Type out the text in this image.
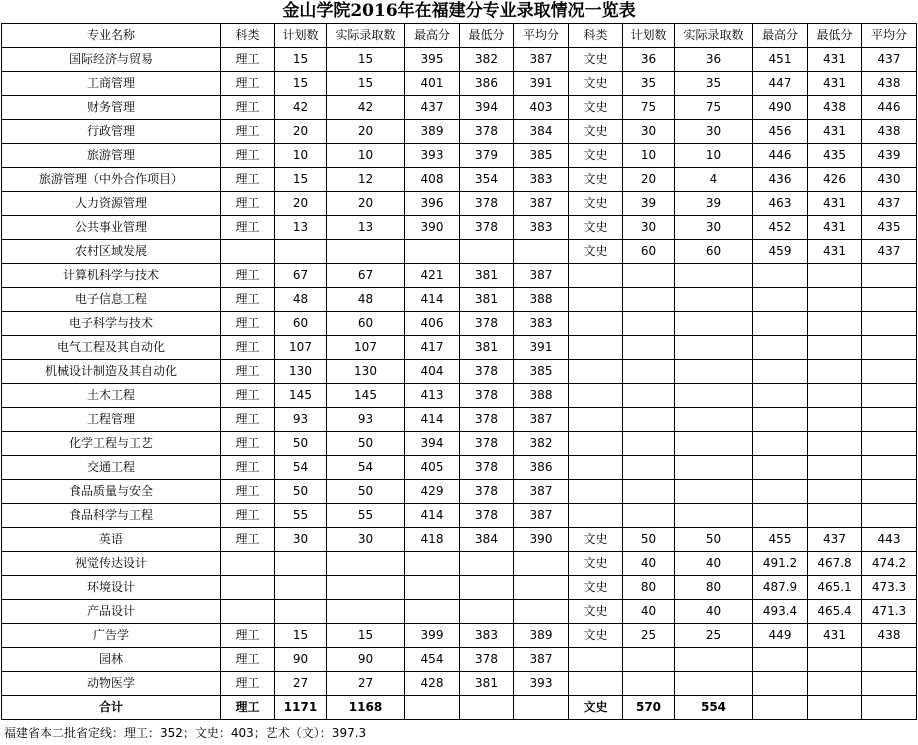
金山学院2016年在福建分专业录取情况一览表
专业名称	科类	计划数	实际录取数	最高分	最低分	平均分	科类	计划数	实际录取数	最高分	最低分	平均分
国际经济与贸易	理工	15	15	395	382	387	文史	36	36	451	431	437
工商管理	理工	15	15	401	386	391	文史	35	35	447	431	438
财务管理	理工	42	42	437	394	403	文史	75	75	490	438	446
行政管理	理工	20	20	389	378	384	文史	30	30	456	431	438
旅游管理	理工	10	10	393	379	385	文史	10	10	446	435	439
旅游管理（中外合作项目）	理工	15	12	408	354	383	文史	20	4	436	426	430
人力资源管理	理工	20	20	396	378	387	文史	39	39	463	431	437
公共事业管理	理工	13	13	390	378	383	文史	30	30	452	431	435
农村区域发展							文史	60	60	459	431	437
计算机科学与技术	理工	67	67	421	381	387						
电子信息工程	理工	48	48	414	381	388						
电子科学与技术	理工	60	60	406	378	383						
电气工程及其自动化	理工	107	107	417	381	391						
机械设计制造及其自动化	理工	130	130	404	378	385						
土木工程	理工	145	145	413	378	388						
工程管理	理工	93	93	414	378	387						
化学工程与工艺	理工	50	50	394	378	382						
交通工程	理工	54	54	405	378	386						
食品质量与安全	理工	50	50	429	378	387						
食品科学与工程	理工	55	55	414	378	387						
英语	理工	30	30	418	384	390	文史	50	50	455	437	443
视觉传达设计							文史	40	40	491.2	467.8	474.2
环境设计							文史	80	80	487.9	465.1	473.3
产品设计							文史	40	40	493.4	465.4	471.3
广告学	理工	15	15	399	383	389	文史	25	25	449	431	438
园林	理工	90	90	454	378	387						
动物医学	理工	27	27	428	381	393						
合计	理工	1171	1168				文史	570	554			
福建省本二批省定线：理工：352；文史：403；艺术（文）：397.3
